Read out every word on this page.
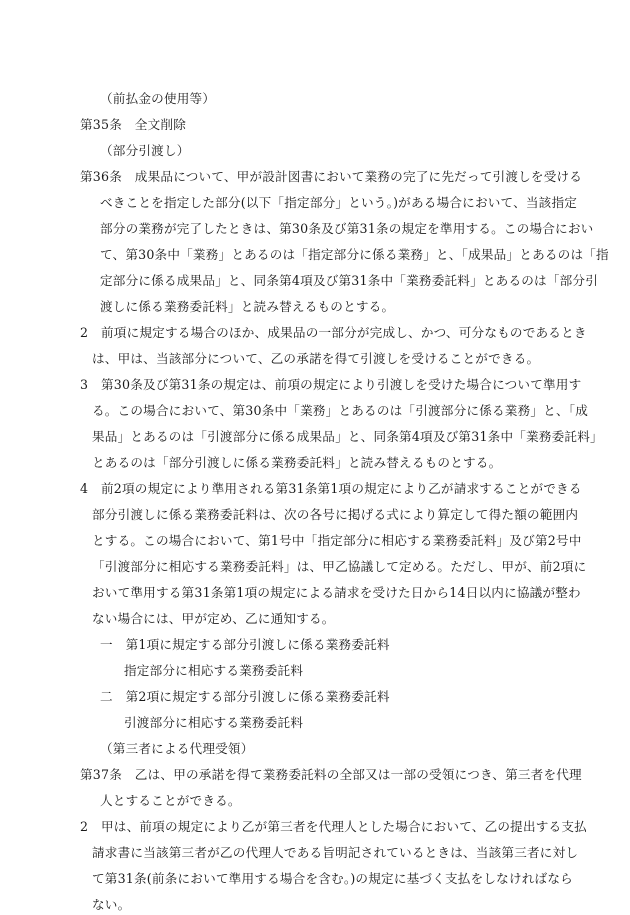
（前払金の使用等）
第35条　全文削除
（部分引渡し）
第36条　成果品について、甲が設計図書において業務の完了に先だって引渡しを受ける
べきことを指定した部分(以下「指定部分」という。)がある場合において、当該指定
部分の業務が完了したときは、第30条及び第31条の規定を準用する。この場合におい
て、第30条中「業務」とあるのは「指定部分に係る業務」と、「成果品」とあるのは「指
定部分に係る成果品」と、同条第4項及び第31条中「業務委託料」とあるのは「部分引
渡しに係る業務委託料」と読み替えるものとする。
2　前項に規定する場合のほか、成果品の一部分が完成し、かつ、可分なものであるとき
は、甲は、当該部分について、乙の承諾を得て引渡しを受けることができる。
3　第30条及び第31条の規定は、前項の規定により引渡しを受けた場合について準用す
る。この場合において、第30条中「業務」とあるのは「引渡部分に係る業務」と、「成
果品」とあるのは「引渡部分に係る成果品」と、同条第4項及び第31条中「業務委託料」
とあるのは「部分引渡しに係る業務委託料」と読み替えるものとする。
4　前2項の規定により準用される第31条第1項の規定により乙が請求することができる
部分引渡しに係る業務委託料は、次の各号に掲げる式により算定して得た額の範囲内
とする。この場合において、第1号中「指定部分に相応する業務委託料」及び第2号中
「引渡部分に相応する業務委託料」は、甲乙協議して定める。ただし、甲が、前2項に
おいて準用する第31条第1項の規定による請求を受けた日から14日以内に協議が整わ
ない場合には、甲が定め、乙に通知する。
一　第1項に規定する部分引渡しに係る業務委託料
指定部分に相応する業務委託料
二　第2項に規定する部分引渡しに係る業務委託料
引渡部分に相応する業務委託料
（第三者による代理受領）
第37条　乙は、甲の承諾を得て業務委託料の全部又は一部の受領につき、第三者を代理
人とすることができる。
2　甲は、前項の規定により乙が第三者を代理人とした場合において、乙の提出する支払
請求書に当該第三者が乙の代理人である旨明記されているときは、当該第三者に対し
て第31条(前条において準用する場合を含む。)の規定に基づく支払をしなければなら
ない。
